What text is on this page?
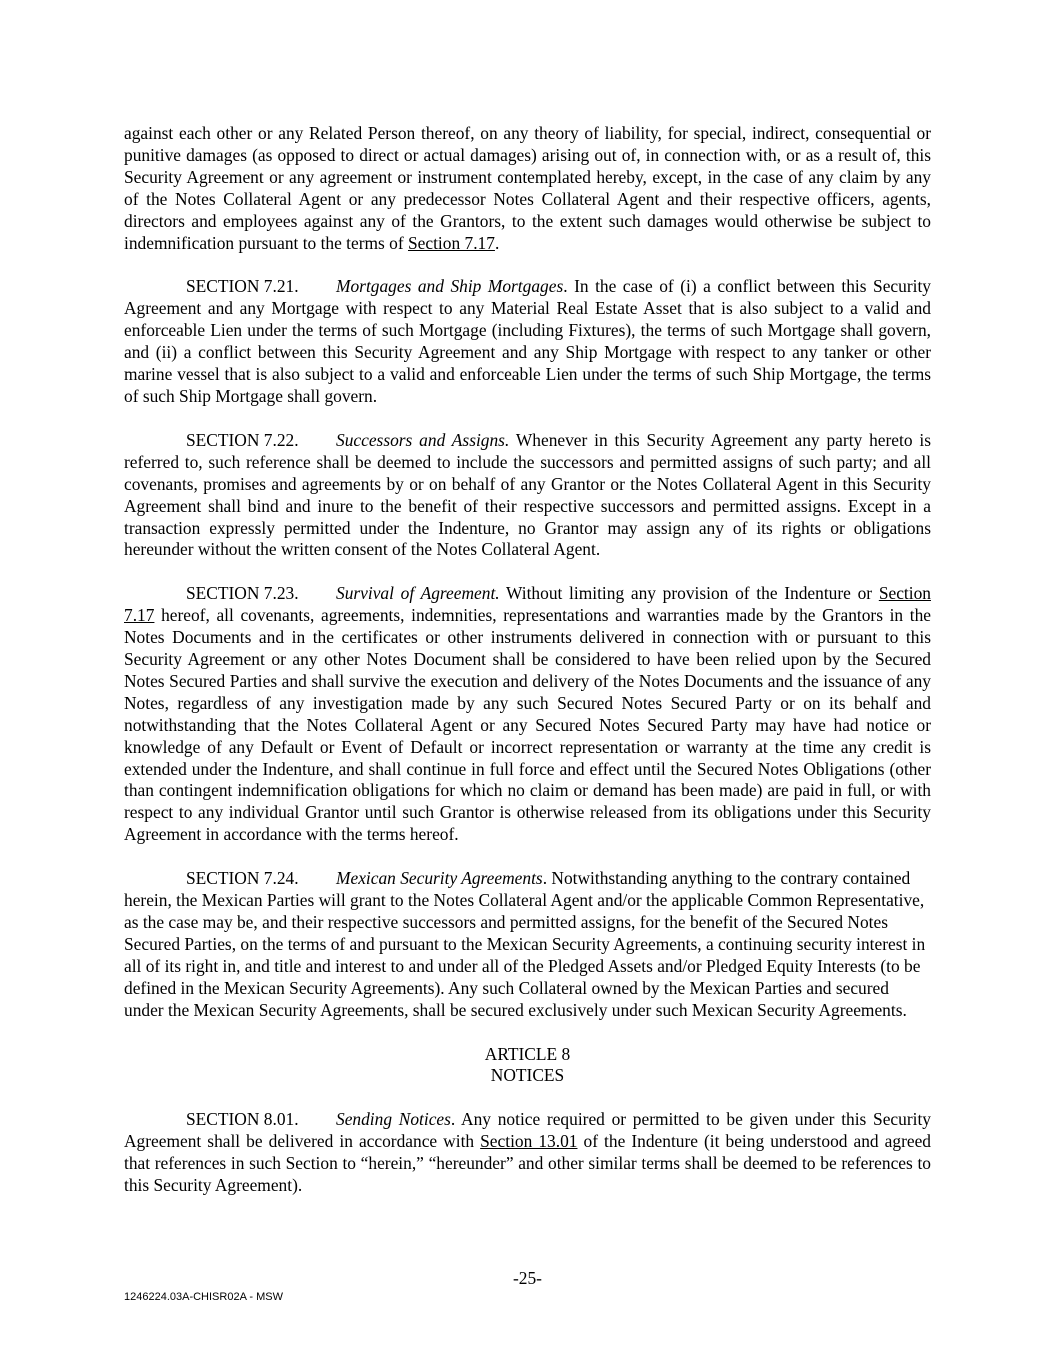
against each other or any Related Person thereof, on any theory of liability, for special, indirect, consequential or punitive damages (as opposed to direct or actual damages) arising out of, in connection with, or as a result of, this Security Agreement or any agreement or instrument contemplated hereby, except, in the case of any claim by any of the Notes Collateral Agent or any predecessor Notes Collateral Agent and their respective officers, agents, directors and employees against any of the Grantors, to the extent such damages would otherwise be subject to indemnification pursuant to the terms of Section 7.17.

SECTION 7.21. Mortgages and Ship Mortgages. In the case of (i) a conflict between this Security Agreement and any Mortgage with respect to any Material Real Estate Asset that is also subject to a valid and enforceable Lien under the terms of such Mortgage (including Fixtures), the terms of such Mortgage shall govern, and (ii) a conflict between this Security Agreement and any Ship Mortgage with respect to any tanker or other marine vessel that is also subject to a valid and enforceable Lien under the terms of such Ship Mortgage, the terms of such Ship Mortgage shall govern.

SECTION 7.22. Successors and Assigns. Whenever in this Security Agreement any party hereto is referred to, such reference shall be deemed to include the successors and permitted assigns of such party; and all covenants, promises and agreements by or on behalf of any Grantor or the Notes Collateral Agent in this Security Agreement shall bind and inure to the benefit of their respective successors and permitted assigns. Except in a transaction expressly permitted under the Indenture, no Grantor may assign any of its rights or obligations hereunder without the written consent of the Notes Collateral Agent.

SECTION 7.23. Survival of Agreement. Without limiting any provision of the Indenture or Section 7.17 hereof, all covenants, agreements, indemnities, representations and warranties made by the Grantors in the Notes Documents and in the certificates or other instruments delivered in connection with or pursuant to this Security Agreement or any other Notes Document shall be considered to have been relied upon by the Secured Notes Secured Parties and shall survive the execution and delivery of the Notes Documents and the issuance of any Notes, regardless of any investigation made by any such Secured Notes Secured Party or on its behalf and notwithstanding that the Notes Collateral Agent or any Secured Notes Secured Party may have had notice or knowledge of any Default or Event of Default or incorrect representation or warranty at the time any credit is extended under the Indenture, and shall continue in full force and effect until the Secured Notes Obligations (other than contingent indemnification obligations for which no claim or demand has been made) are paid in full, or with respect to any individual Grantor until such Grantor is otherwise released from its obligations under this Security Agreement in accordance with the terms hereof.

SECTION 7.24. Mexican Security Agreements. Notwithstanding anything to the contrary contained herein, the Mexican Parties will grant to the Notes Collateral Agent and/or the applicable Common Representative, as the case may be, and their respective successors and permitted assigns, for the benefit of the Secured Notes Secured Parties, on the terms of and pursuant to the Mexican Security Agreements, a continuing security interest in all of its right in, and title and interest to and under all of the Pledged Assets and/or Pledged Equity Interests (to be defined in the Mexican Security Agreements). Any such Collateral owned by the Mexican Parties and secured under the Mexican Security Agreements, shall be secured exclusively under such Mexican Security Agreements.

ARTICLE 8
NOTICES

SECTION 8.01. Sending Notices. Any notice required or permitted to be given under this Security Agreement shall be delivered in accordance with Section 13.01 of the Indenture (it being understood and agreed that references in such Section to “herein,” “hereunder” and other similar terms shall be deemed to be references to this Security Agreement).

-25-
1246224.03A-CHISR02A - MSW
